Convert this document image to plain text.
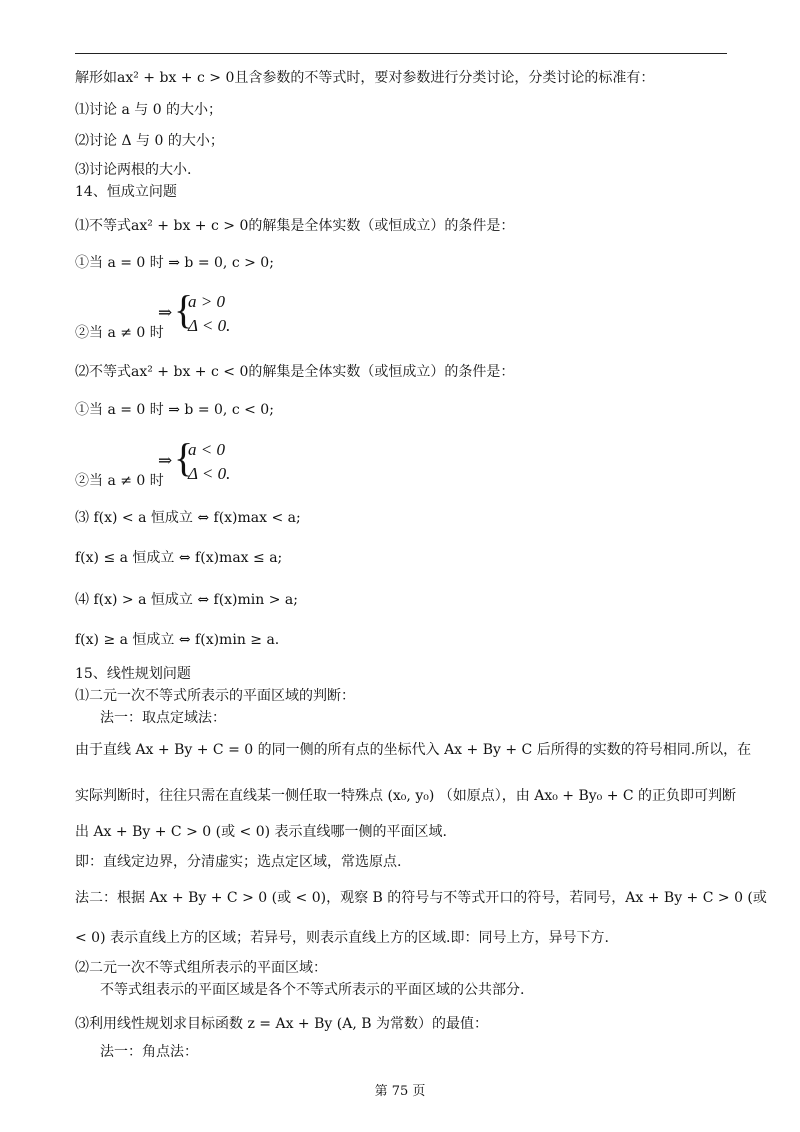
解形如ax² + bx + c > 0且含参数的不等式时，要对参数进行分类讨论，分类讨论的标准有：
⑴讨论 a 与 0 的大小；
⑵讨论 Δ 与 0 的大小；
⑶讨论两根的大小.
14、恒成立问题
⑴不等式ax² + bx + c > 0的解集是全体实数（或恒成立）的条件是：
①当 a = 0 时 ⇒ b = 0, c > 0;
⇒ {
a > 0
Δ < 0.
②当 a ≠ 0 时
⑵不等式ax² + bx + c < 0的解集是全体实数（或恒成立）的条件是：
①当 a = 0 时 ⇒ b = 0, c < 0;
⇒ {
a < 0
Δ < 0.
②当 a ≠ 0 时
⑶ f(x) < a 恒成立 ⇔ f(x)max < a;
f(x) ≤ a 恒成立 ⇔ f(x)max ≤ a;
⑷ f(x) > a 恒成立 ⇔ f(x)min > a;
f(x) ≥ a 恒成立 ⇔ f(x)min ≥ a.
15、线性规划问题
⑴二元一次不等式所表示的平面区域的判断：
法一：取点定域法：
由于直线 Ax + By + C = 0 的同一侧的所有点的坐标代入 Ax + By + C 后所得的实数的符号相同.所以，在
实际判断时，往往只需在直线某一侧任取一特殊点 (x₀, y₀) （如原点），由 Ax₀ + By₀ + C 的正负即可判断
出 Ax + By + C > 0 (或 < 0) 表示直线哪一侧的平面区域.
即：直线定边界，分清虚实；选点定区域，常选原点.
法二：根据 Ax + By + C > 0 (或 < 0)，观察 B 的符号与不等式开口的符号，若同号，Ax + By + C > 0 (或
< 0) 表示直线上方的区域；若异号，则表示直线上方的区域.即：同号上方，异号下方.
⑵二元一次不等式组所表示的平面区域：
不等式组表示的平面区域是各个不等式所表示的平面区域的公共部分.
⑶利用线性规划求目标函数 z = Ax + By (A, B 为常数）的最值：
法一：角点法：
第 75 页
